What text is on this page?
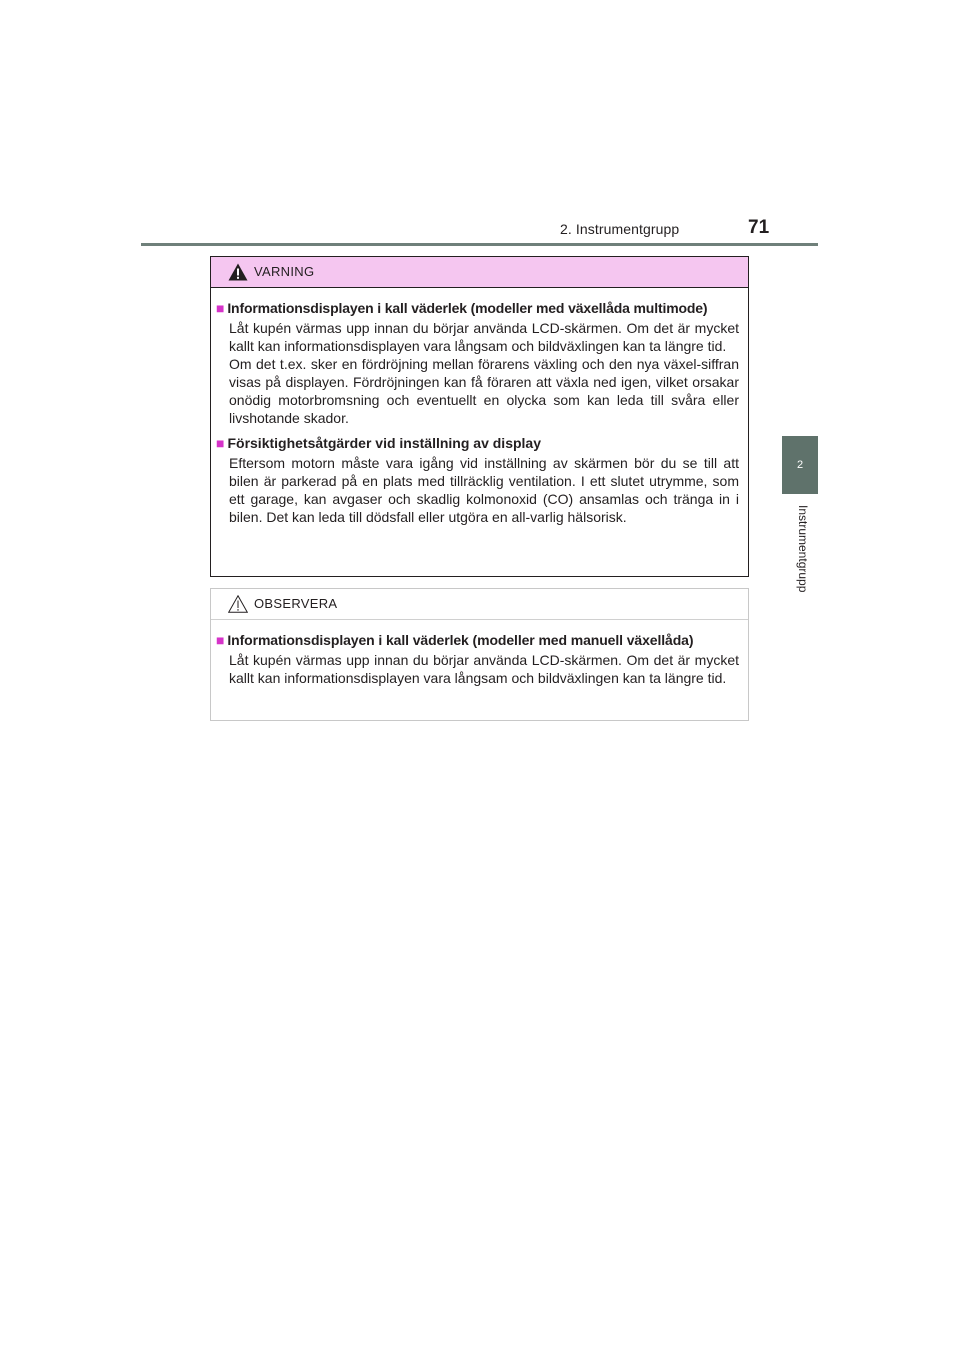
2. Instrumentgrupp	71
2
Instrumentgrupp
VARNING
■ Informationsdisplayen i kall väderlek (modeller med växellåda multimode)
Låt kupén värmas upp innan du börjar använda LCD-skärmen. Om det är mycket kallt kan informationsdisplayen vara långsam och bildväxlingen kan ta längre tid.
Om det t.ex. sker en fördröjning mellan förarens växling och den nya växel-siffran visas på displayen. Fördröjningen kan få föraren att växla ned igen, vilket orsakar onödig motorbromsning och eventuellt en olycka som kan leda till svåra eller livshotande skador.
■ Försiktighetsåtgärder vid inställning av display
Eftersom motorn måste vara igång vid inställning av skärmen bör du se till att bilen är parkerad på en plats med tillräcklig ventilation. I ett slutet utrymme, som ett garage, kan avgaser och skadlig kolmonoxid (CO) ansamlas och tränga in i bilen. Det kan leda till dödsfall eller utgöra en all-varlig hälsorisk.
OBSERVERA
■ Informationsdisplayen i kall väderlek (modeller med manuell växellåda)
Låt kupén värmas upp innan du börjar använda LCD-skärmen. Om det är mycket kallt kan informationsdisplayen vara långsam och bildväxlingen kan ta längre tid.
